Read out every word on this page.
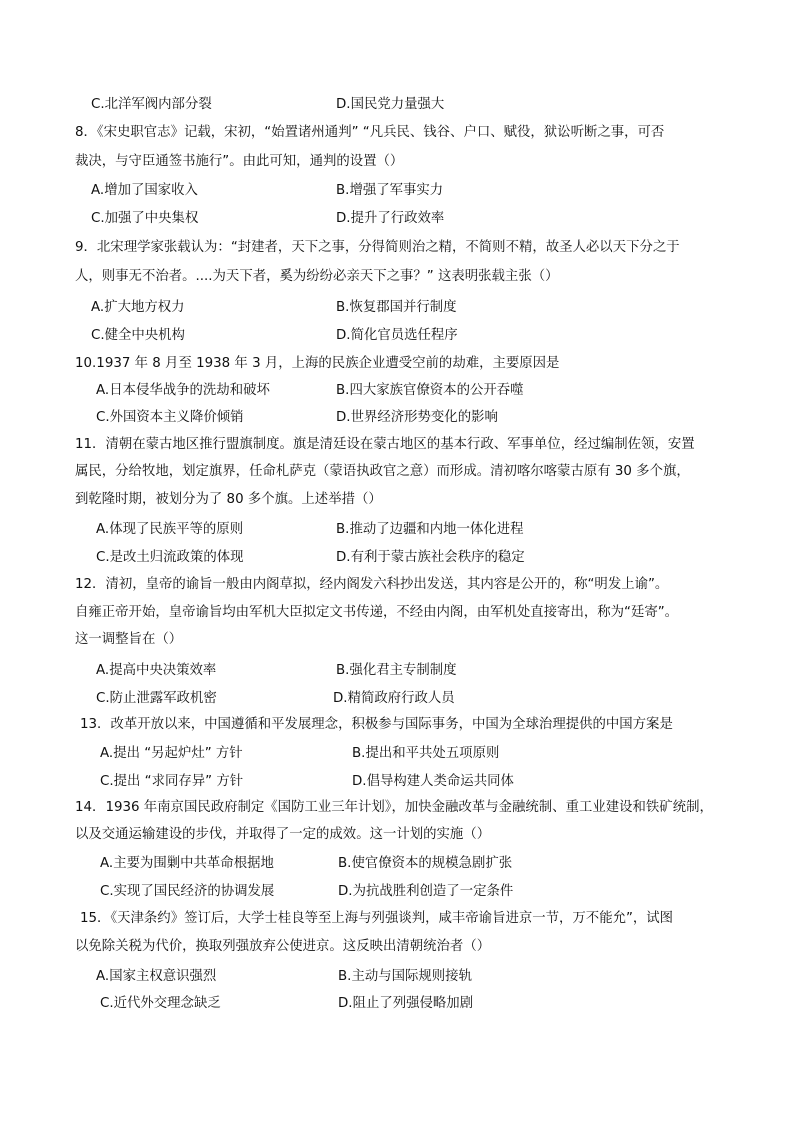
C.北洋军阀内部分裂	D.国民党力量强大
8．《宋史职官志》记载，宋初，“始置诸州通判” “凡兵民、钱谷、户口、赋役，狱讼听断之事，可否
裁决，与守臣通签书施行”。由此可知，通判的设置（）
A.增加了国家收入	B.增强了军事实力
C.加强了中央集权	D.提升了行政效率
9．北宋理学家张载认为：“封建者，天下之事，分得简则治之精，不简则不精，故圣人必以天下分之于
人，则事无不治者。....为天下者，奚为纷纷必亲天下之事？” 这表明张载主张（）
A.扩大地方权力	B.恢复郡国并行制度
C.健全中央机构	D.简化官员选任程序
10.1937 年 8 月至 1938 年 3 月，上海的民族企业遭受空前的劫难，主要原因是
A.日本侵华战争的洗劫和破坏	B.四大家族官僚资本的公开吞噬
C.外国资本主义降价倾销	D.世界经济形势变化的影响
11．清朝在蒙古地区推行盟旗制度。旗是清廷设在蒙古地区的基本行政、军事单位，经过编制佐领，安置
属民，分给牧地，划定旗界，任命札萨克（蒙语执政官之意）而形成。清初喀尔喀蒙古原有 30 多个旗，
到乾隆时期，被划分为了 80 多个旗。上述举措（）
A.体现了民族平等的原则	B.推动了边疆和内地一体化进程
C.是改土归流政策的体现	D.有利于蒙古族社会秩序的稳定
12．清初，皇帝的谕旨一般由内阁草拟，经内阁发六科抄出发送，其内容是公开的，称“明发上谕”。
自雍正帝开始，皇帝谕旨均由军机大臣拟定文书传递，不经由内阁，由军机处直接寄出，称为“廷寄”。
这一调整旨在（）
A.提高中央决策效率	B.强化君主专制制度
C.防止泄露军政机密	D.精简政府行政人员
13．改革开放以来，中国遵循和平发展理念，积极参与国际事务，中国为全球治理提供的中国方案是
A.提出 “另起炉灶” 方针	B.提出和平共处五项原则
C.提出 “求同存异” 方针	D.倡导构建人类命运共同体
14．1936 年南京国民政府制定《国防工业三年计划》，加快金融改革与金融统制、重工业建设和铁矿统制，
以及交通运输建设的步伐，并取得了一定的成效。这一计划的实施（）
A.主要为围剿中共革命根据地	B.使官僚资本的规模急剧扩张
C.实现了国民经济的协调发展	D.为抗战胜利创造了一定条件
15．《天津条约》签订后，大学士桂良等至上海与列强谈判，咸丰帝谕旨进京一节，万不能允”，试图
以免除关税为代价，换取列强放弃公使进京。这反映出清朝统治者（）
A.国家主权意识强烈	B.主动与国际规则接轨
C.近代外交理念缺乏	D.阻止了列强侵略加剧
